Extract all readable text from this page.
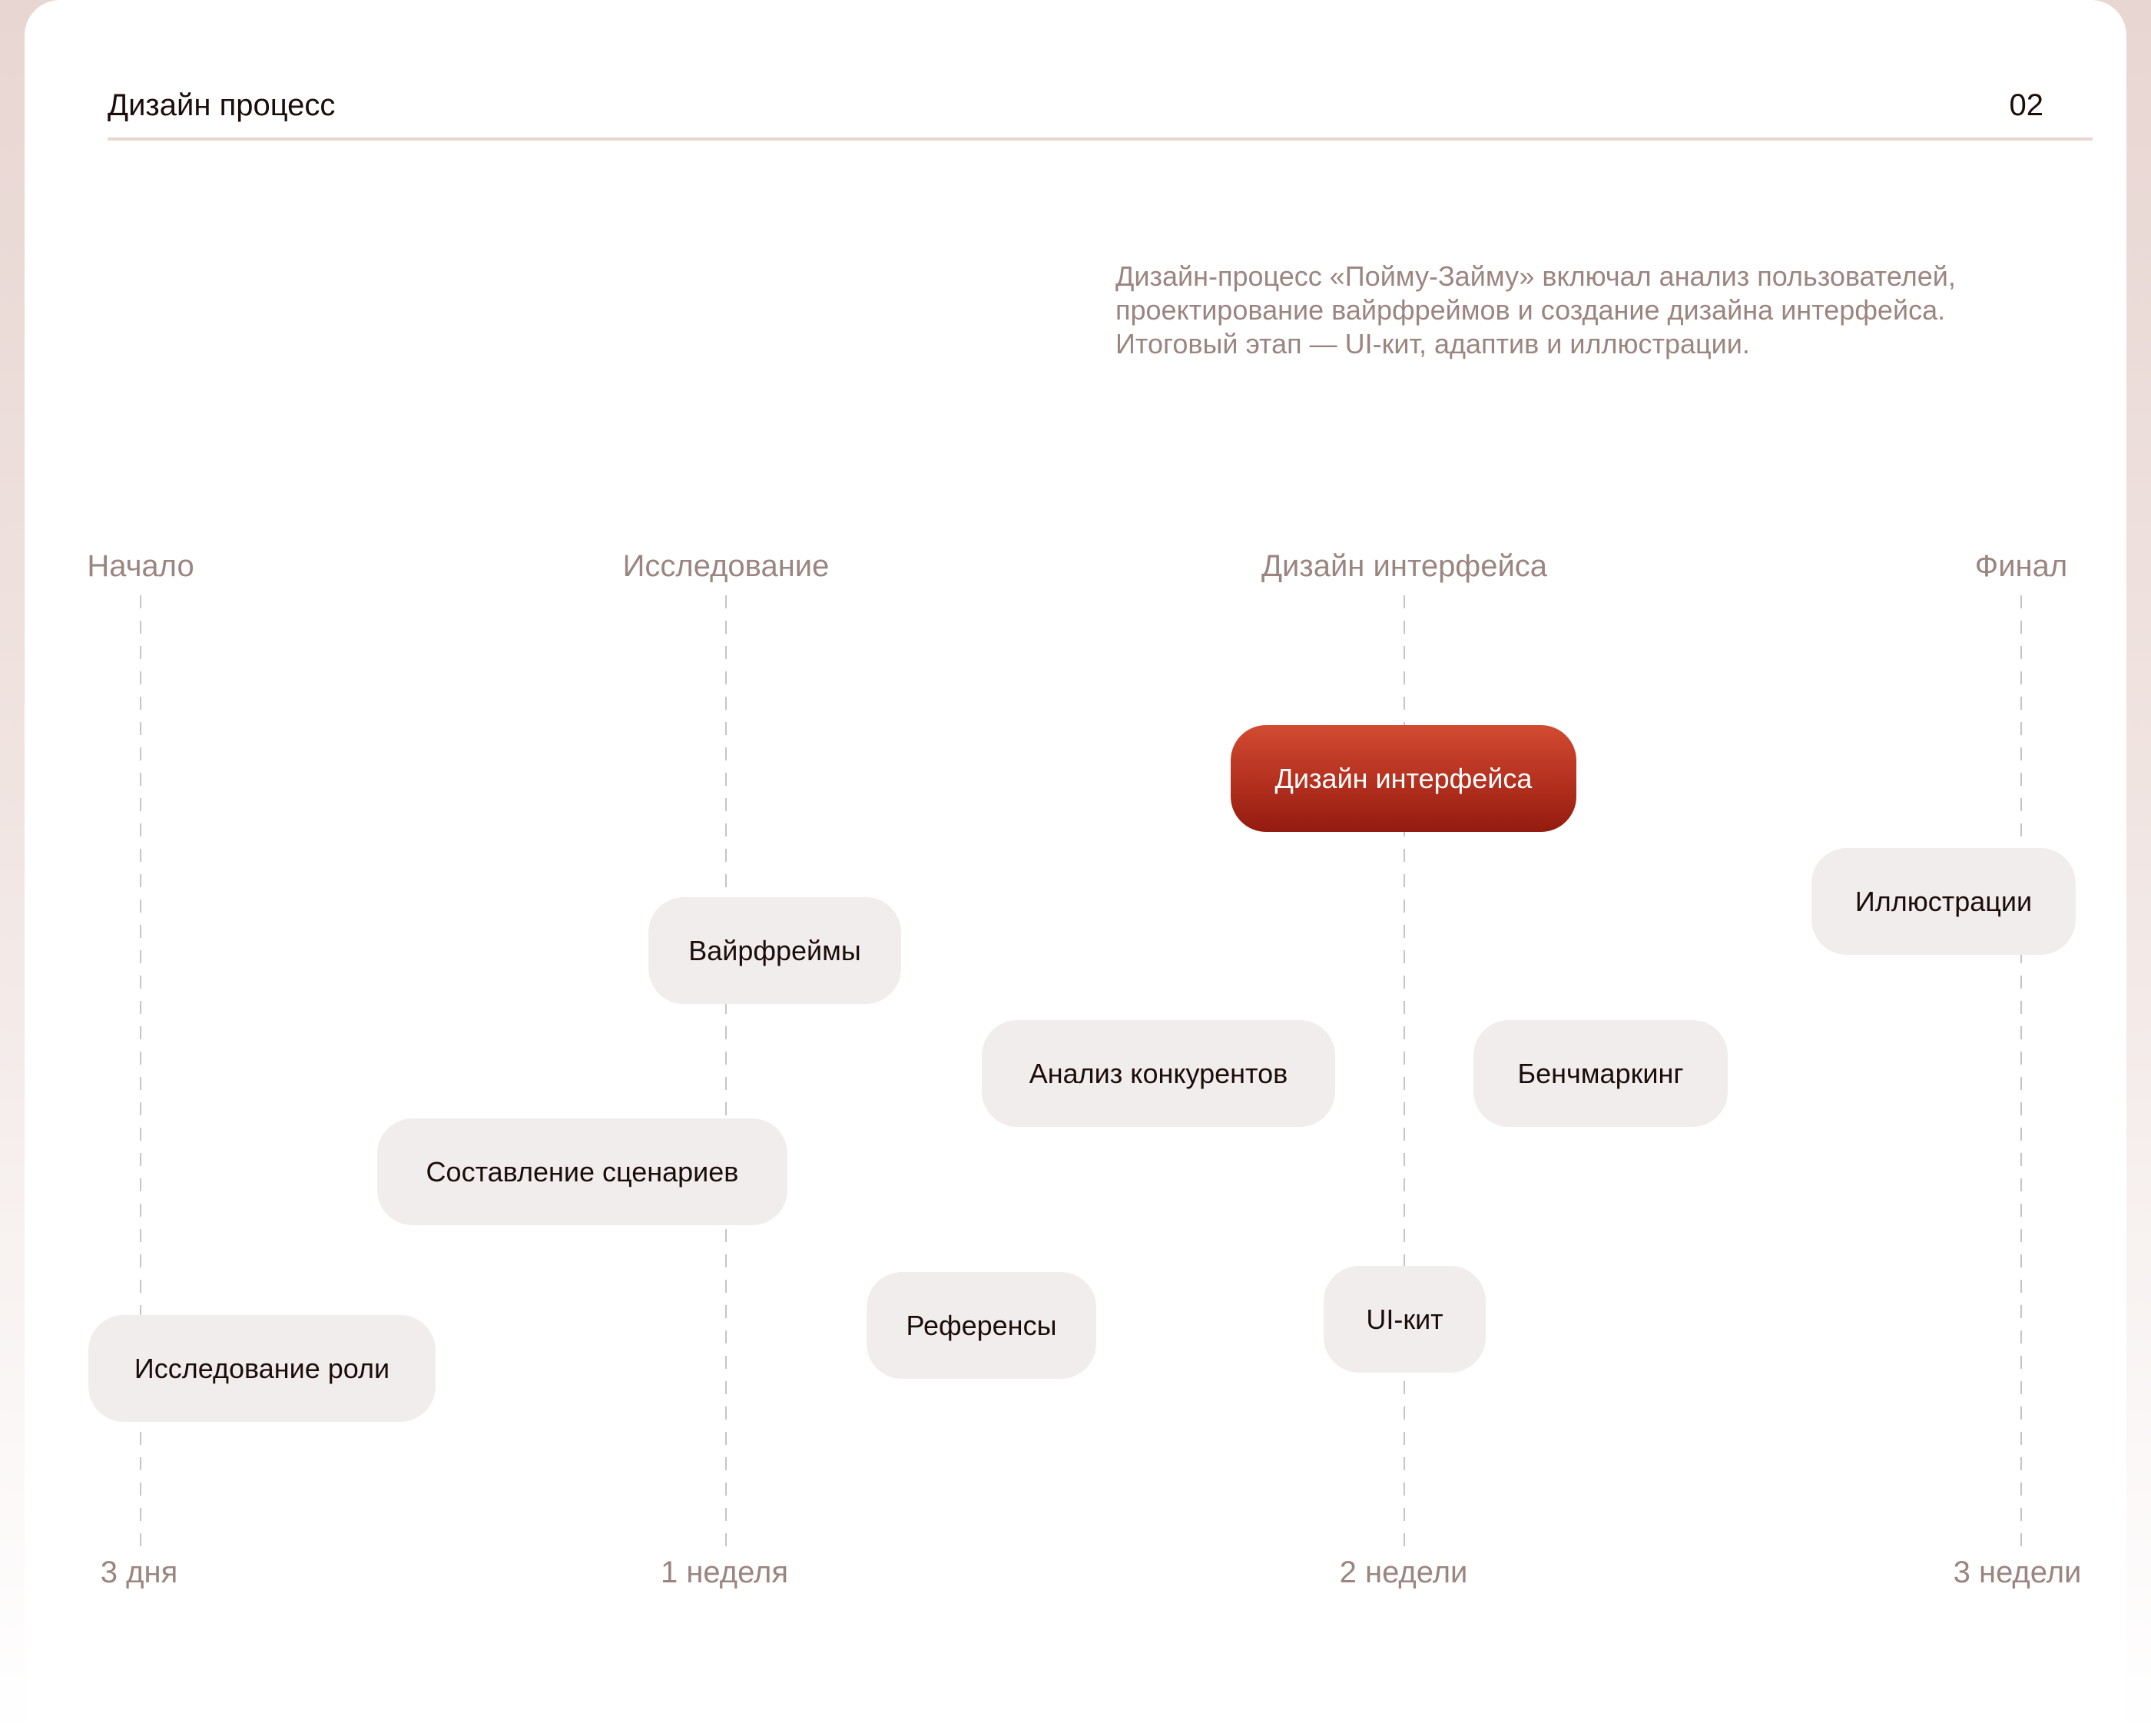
Дизайн процесс	02
Дизайн-процесс «Пойму-Займу» включал анализ пользователей,
проектирование вайрфреймов и создание дизайна интерфейса.
Итоговый этап — UI-кит, адаптив и иллюстрации.
Начало	Исследование	Дизайн интерфейса	Финал
Дизайн интерфейса
Иллюстрации
Вайрфреймы
Анализ конкурентов	Бенчмаркинг
Составление сценариев
Референсы	UI-кит
Исследование роли
3 дня	1 неделя	2 недели	3 недели
